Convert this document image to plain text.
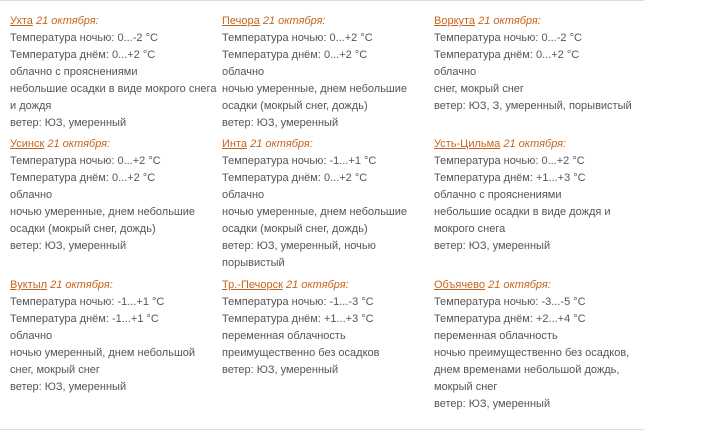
Ухта 21 октября:
Температура ночью: 0...-2 °C
Температура днём: 0...+2 °C
облачно с прояснениями
небольшие осадки в виде мокрого снега
и дождя
ветер: ЮЗ, умеренный
Печора 21 октября:
Температура ночью: 0...+2 °C
Температура днём: 0...+2 °C
облачно
ночью умеренные, днем небольшие
осадки (мокрый снег, дождь)
ветер: ЮЗ, умеренный
Воркута 21 октября:
Температура ночью: 0...-2 °C
Температура днём: 0...+2 °C
облачно
снег, мокрый снег
ветер: ЮЗ, З, умеренный, порывистый
Усинск 21 октября:
Температура ночью: 0...+2 °C
Температура днём: 0...+2 °C
облачно
ночью умеренные, днем небольшие
осадки (мокрый снег, дождь)
ветер: ЮЗ, умеренный
Инта 21 октября:
Температура ночью: -1...+1 °C
Температура днём: 0...+2 °C
облачно
ночью умеренные, днем небольшие
осадки (мокрый снег, дождь)
ветер: ЮЗ, умеренный, ночью
порывистый
Усть-Цильма 21 октября:
Температура ночью: 0...+2 °C
Температура днём: +1...+3 °C
облачно с прояснениями
небольшие осадки в виде дождя и
мокрого снега
ветер: ЮЗ, умеренный
Вуктыл 21 октября:
Температура ночью: -1...+1 °C
Температура днём: -1...+1 °C
облачно
ночью умеренный, днем небольшой
снег, мокрый снег
ветер: ЮЗ, умеренный
Тр.-Печорск 21 октября:
Температура ночью: -1...-3 °C
Температура днём: +1...+3 °C
переменная облачность
преимущественно без осадков
ветер: ЮЗ, умеренный
Объячево 21 октября:
Температура ночью: -3...-5 °C
Температура днём: +2...+4 °C
переменная облачность
ночью преимущественно без осадков,
днем временами небольшой дождь,
мокрый снег
ветер: ЮЗ, умеренный
